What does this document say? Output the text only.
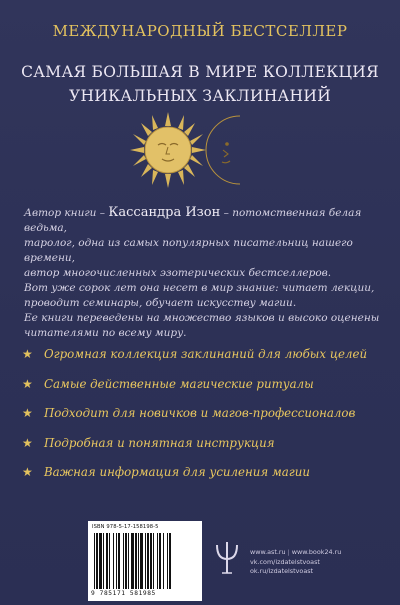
МЕЖДУНАРОДНЫЙ БЕСТСЕЛЛЕР
САМАЯ БОЛЬШАЯ В МИРЕ КОЛЛЕКЦИЯ
УНИКАЛЬНЫХ ЗАКЛИНАНИЙ

Автор книги – Кассандра Изон – потомственная белая ведьма,

таролог, одна из самых популярных писательниц нашего времени,

автор многочисленных эзотерических бестселлеров.

Вот уже сорок лет она несет в мир знание: читает лекции,

проводит семинары, обучает искусству магии.

Ее книги переведены на множество языков и высоко оценены

читателями по всему миру.

★ Огромная коллекция заклинаний для любых целей
★ Самые действенные магические ритуалы
★ Подходит для новичков и магов-профессионалов
★ Подробная и понятная инструкция
★ Важная информация для усиления магии
ISBN 978-5-17-158198-5
9 785171 581985
www.ast.ru | www.book24.ru
vk.com/izdatelstvoast
ok.ru/izdatelstvoast
